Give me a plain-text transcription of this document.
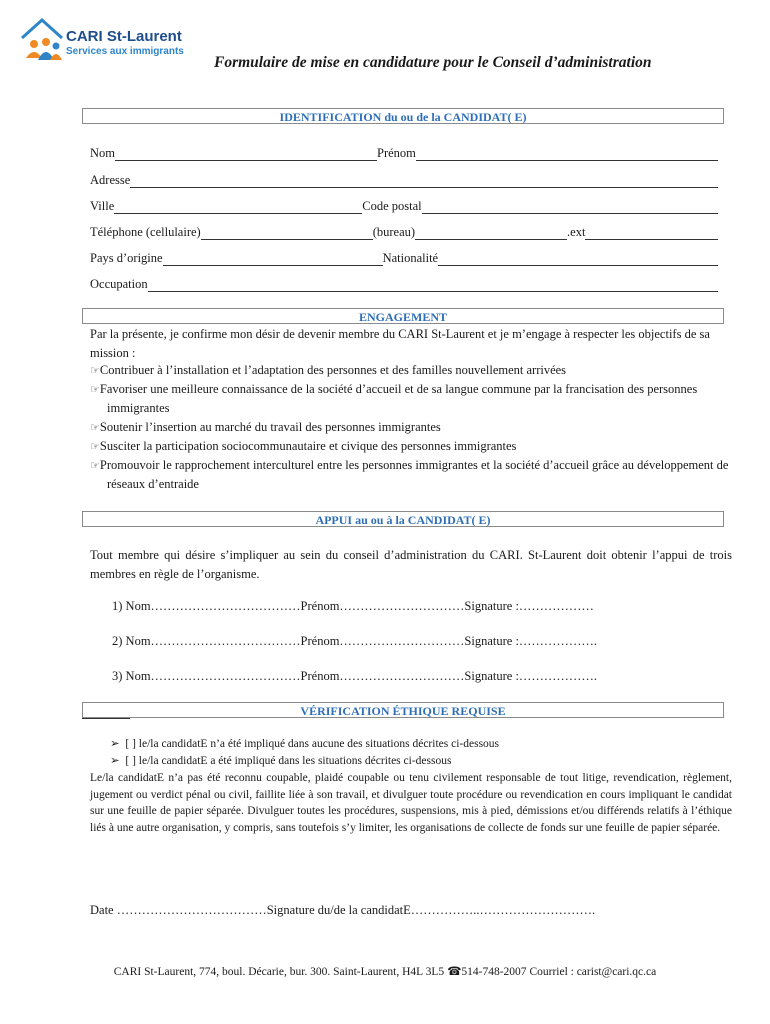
CARI St-Laurent
Services aux immigrants
Formulaire de mise en candidature pour le Conseil d’administration
IDENTIFICATION du ou de la CANDIDAT( E)
Nom	Prénom
Adresse
Ville	Code postal
Téléphone (cellulaire)	(bureau)	.ext
Pays d’origine	Nationalité
Occupation
ENGAGEMENT
Par la présente, je confirme mon désir de devenir membre du CARI St-Laurent et je m’engage à respecter les objectifs de sa mission :
☞Contribuer à l’installation et l’adaptation des personnes et des familles nouvellement arrivées
☞Favoriser une meilleure connaissance de la société d’accueil et de sa langue commune par la francisation des personnes immigrantes
☞Soutenir l’insertion au marché du travail des personnes immigrantes
☞Susciter la participation sociocommunautaire et civique des personnes immigrantes
☞Promouvoir le rapprochement interculturel entre les personnes immigrantes et la société d’accueil grâce au développement de réseaux d’entraide
APPUI au ou à la CANDIDAT( E)
Tout membre qui désire s’impliquer au sein du conseil d’administration du CARI. St-Laurent doit obtenir l’appui de trois membres en règle de l’organisme.
1) Nom………………………………Prénom…………………………Signature :………………
2) Nom………………………………Prénom…………………………Signature :……………….
3) Nom………………………………Prénom…………………………Signature :……………….
VÉRIFICATION ÉTHIQUE REQUISE
➢  [ ] le/la candidatE n’a été impliqué dans aucune des situations décrites ci-dessous
➢  [ ] le/la candidatE a été impliqué dans les situations décrites ci-dessous
Le/la candidatE n’a pas été reconnu coupable, plaidé coupable ou tenu civilement responsable de tout litige, revendication, règlement, jugement ou verdict pénal ou civil, faillite liée à son travail, et divulguer toute procédure ou revendication en cours impliquant le candidat sur une feuille de papier séparée. Divulguer toutes les procédures, suspensions, mis à pied, démissions et/ou différends relatifs à l’éthique liés à une autre organisation, y compris, sans toutefois s’y limiter, les organisations de collecte de fonds sur une feuille de papier séparée.
Date ………………………………Signature du/de la candidatE……………..……………………….
CARI St-Laurent, 774, boul. Décarie, bur. 300. Saint-Laurent, H4L 3L5 ☎514-748-2007 Courriel : carist@cari.qc.ca
